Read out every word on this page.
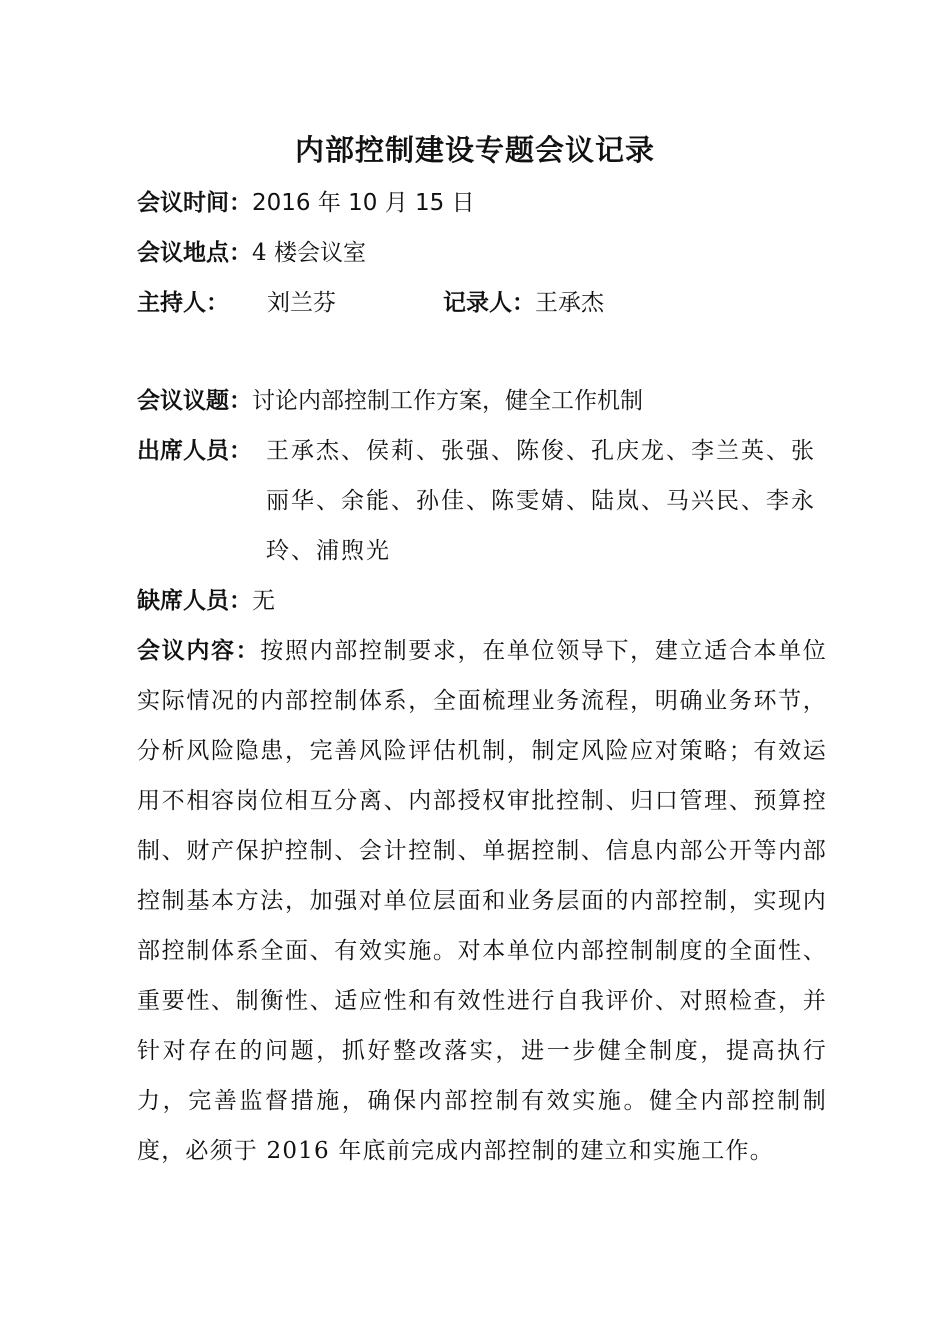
内部控制建设专题会议记录
会议时间：2016 年 10 月 15 日
会议地点：4 楼会议室
主持人： 刘兰芬	记录人：王承杰
会议议题：讨论内部控制工作方案，健全工作机制
出席人员： 王承杰、侯莉、张强、陈俊、孔庆龙、李兰英、张丽华、余能、孙佳、陈雯婧、陆岚、马兴民、李永玲、浦煦光
缺席人员：无
会议内容：按照内部控制要求，在单位领导下，建立适合本单位实际情况的内部控制体系，全面梳理业务流程，明确业务环节，分析风险隐患，完善风险评估机制，制定风险应对策略；有效运用不相容岗位相互分离、内部授权审批控制、归口管理、预算控制、财产保护控制、会计控制、单据控制、信息内部公开等内部控制基本方法，加强对单位层面和业务层面的内部控制，实现内部控制体系全面、有效实施。对本单位内部控制制度的全面性、重要性、制衡性、适应性和有效性进行自我评价、对照检查，并针对存在的问题，抓好整改落实，进一步健全制度，提高执行力，完善监督措施，确保内部控制有效实施。健全内部控制制度，必须于 2016 年底前完成内部控制的建立和实施工作。
